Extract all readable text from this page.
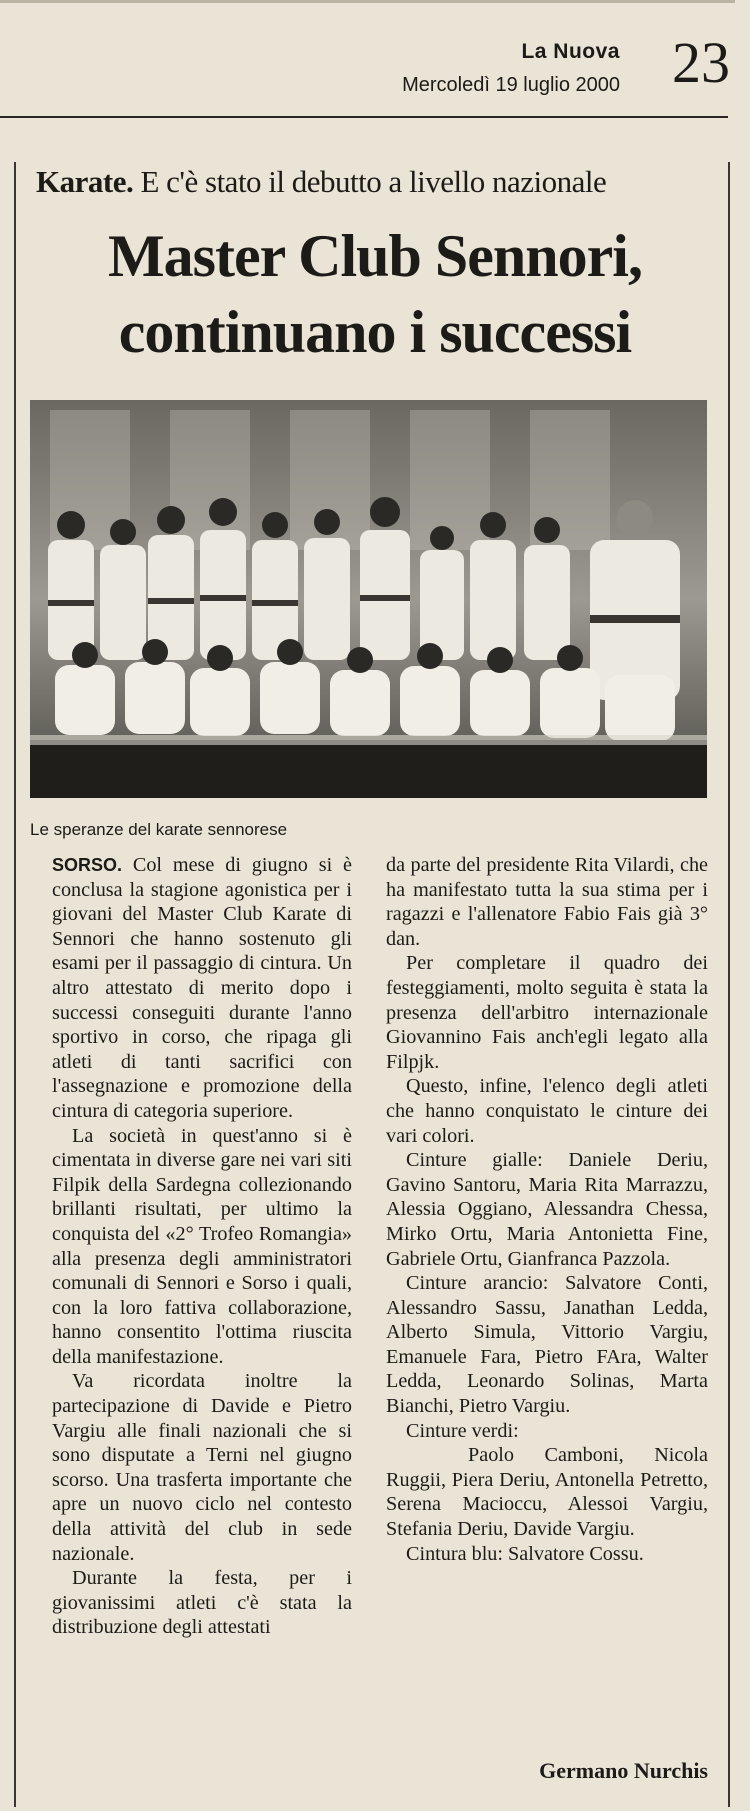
La Nuova
Mercoledì 19 luglio 2000 23
Karate. E c'è stato il debutto a livello nazionale
Master Club Sennori,
continuano i successi
Le speranze del karate sennorese

SORSO. Col mese di giugno si è conclusa la stagione agonistica per i giovani del Master Club Karate di Sennori che hanno sostenuto gli esami per il passaggio di cintura. Un altro attestato di merito dopo i successi conseguiti durante l'anno sportivo in corso, che ripaga gli atleti di tanti sacrifici con l'assegnazione e promozione della cintura di categoria superiore.

La società in quest'anno si è cimentata in diverse gare nei vari siti Filpik della Sardegna collezionando brillanti risultati, per ultimo la conquista del «2° Trofeo Romangia» alla presenza degli amministratori comunali di Sennori e Sorso i quali, con la loro fattiva collaborazione, hanno consentito l'ottima riuscita della manifestazione.

Va ricordata inoltre la partecipazione di Davide e Pietro Vargiu alle finali nazionali che si sono disputate a Terni nel giugno scorso. Una trasferta importante che apre un nuovo ciclo nel contesto della attività del club in sede nazionale.

Durante la festa, per i giovanissimi atleti c'è stata la distribuzione degli attestati

da parte del presidente Rita Vilardi, che ha manifestato tutta la sua stima per i ragazzi e l'allenatore Fabio Fais già 3° dan.

Per completare il quadro dei festeggiamenti, molto seguita è stata la presenza dell'arbitro internazionale Giovannino Fais anch'egli legato alla Filpjk.

Questo, infine, l'elenco degli atleti che hanno conquistato le cinture dei vari colori.

Cinture gialle: Daniele Deriu, Gavino Santoru, Maria Rita Marrazzu, Alessia Oggiano, Alessandra Chessa, Mirko Ortu, Maria Antonietta Fine, Gabriele Ortu, Gianfranca Pazzola.

Cinture arancio: Salvatore Conti, Alessandro Sassu, Janathan Ledda, Alberto Simula, Vittorio Vargiu, Emanuele Fara, Pietro FAra, Walter Ledda, Leonardo Solinas, Marta Bianchi, Pietro Vargiu.

Cinture verdi:

Paolo Camboni, Nicola Ruggii, Piera Deriu, Antonella Petretto, Serena Macioccu, Alessoi Vargiu, Stefania Deriu, Davide Vargiu.

Cintura blu: Salvatore Cossu.

Germano Nurchis
